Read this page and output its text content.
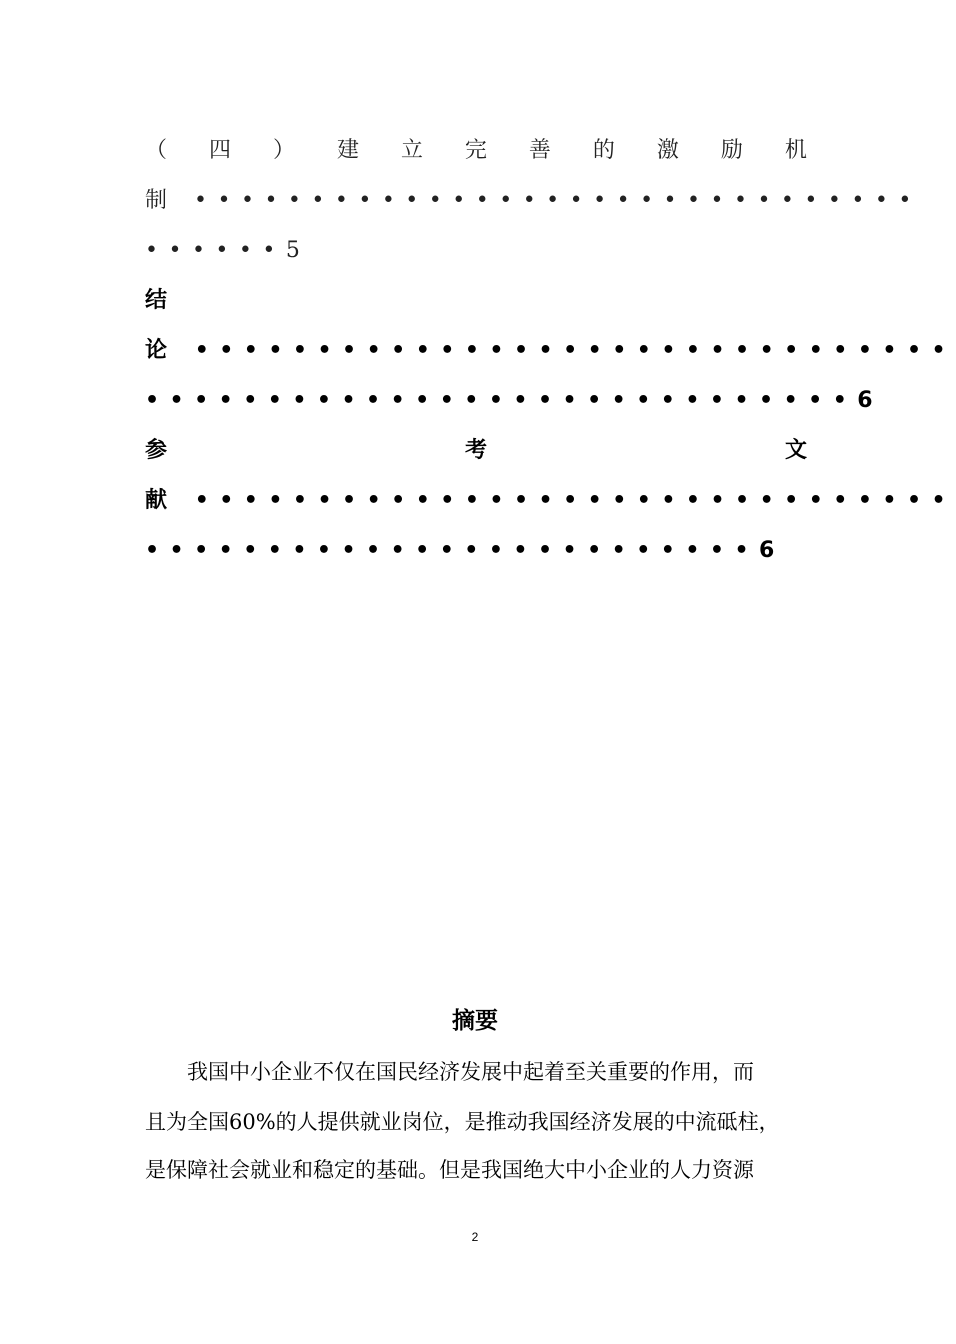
（ 四 ） 建 立 完 善 的 激 励 机
制 •••••••••••••••••••••••••••••••
••••••5
结
论 •••••••••••••••••••••••••••••••
•••••••••••••••••••••••••••••6
参	考	文
献 •••••••••••••••••••••••••••••••
•••••••••••••••••••••••••6
摘要
我国中小企业不仅在国民经济发展中起着至关重要的作用，而
且为全国60%的人提供就业岗位，是推动我国经济发展的中流砥柱，
是保障社会就业和稳定的基础。但是我国绝大中小企业的人力资源
2
